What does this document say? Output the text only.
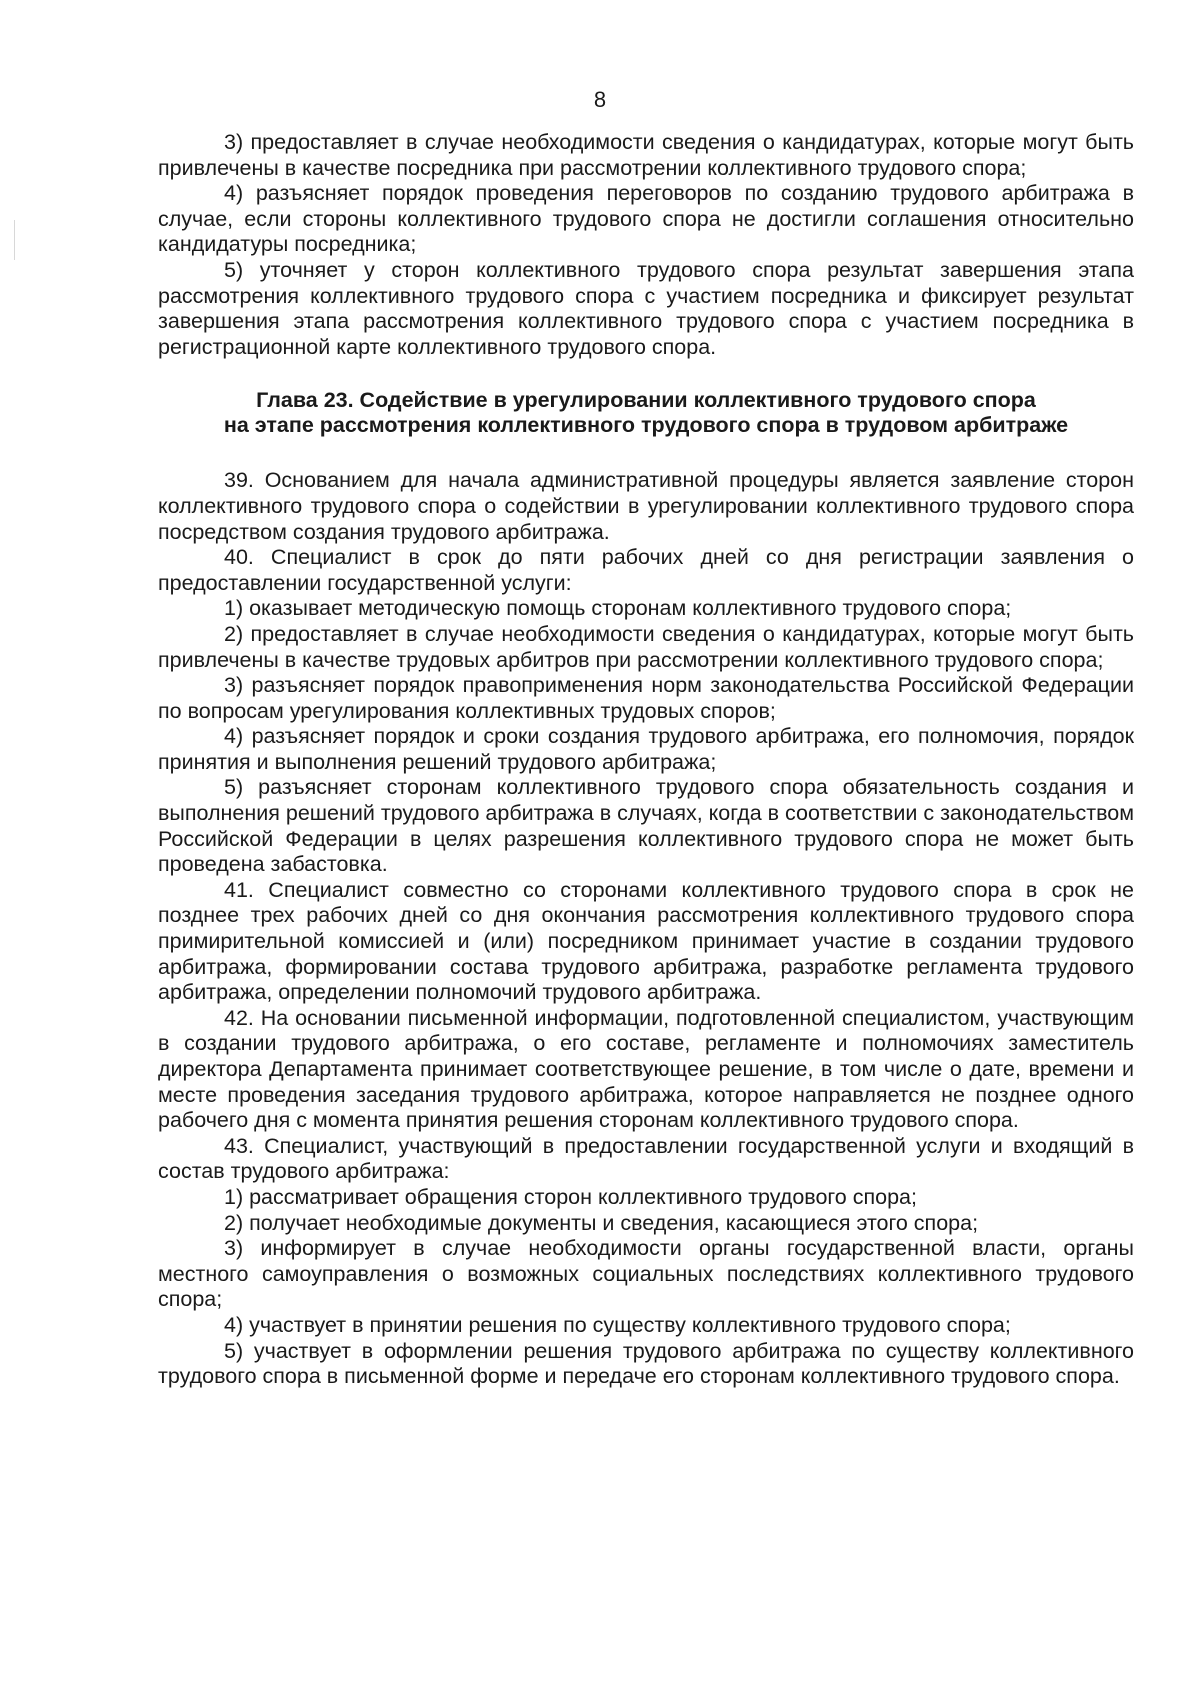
8

3) предоставляет в случае необходимости сведения о кандидатурах, которые могут быть привлечены в качестве посредника при рассмотрении коллективного трудового спора;

4) разъясняет порядок проведения переговоров по созданию трудового арбитража в случае, если стороны коллективного трудового спора не достигли соглашения относительно кандидатуры посредника;

5) уточняет у сторон коллективного трудового спора результат завершения этапа рассмотрения коллективного трудового спора с участием посредника и фиксирует результат завершения этапа рассмотрения коллективного трудового спора с участием посредника в регистрационной карте коллективного трудового спора.

Глава 23. Содействие в урегулировании коллективного трудового спора
на этапе рассмотрения коллективного трудового спора в трудовом арбитраже

39. Основанием для начала административной процедуры является заявление сторон коллективного трудового спора о содействии в урегулировании коллективного трудового спора посредством создания трудового арбитража.

40. Специалист в срок до пяти рабочих дней со дня регистрации заявления о предоставлении государственной услуги:

1) оказывает методическую помощь сторонам коллективного трудового спора;

2) предоставляет в случае необходимости сведения о кандидатурах, которые могут быть привлечены в качестве трудовых арбитров при рассмотрении коллективного трудового спора;

3) разъясняет порядок правоприменения норм законодательства Российской Федерации по вопросам урегулирования коллективных трудовых споров;

4) разъясняет порядок и сроки создания трудового арбитража, его полномочия, порядок принятия и выполнения решений трудового арбитража;

5) разъясняет сторонам коллективного трудового спора обязательность создания и выполнения решений трудового арбитража в случаях, когда в соответствии с законодательством Российской Федерации в целях разрешения коллективного трудового спора не может быть проведена забастовка.

41. Специалист совместно со сторонами коллективного трудового спора в срок не позднее трех рабочих дней со дня окончания рассмотрения коллективного трудового спора примирительной комиссией и (или) посредником принимает участие в создании трудового арбитража, формировании состава трудового арбитража, разработке регламента трудового арбитража, определении полномочий трудового арбитража.

42. На основании письменной информации, подготовленной специалистом, участвующим в создании трудового арбитража, о его составе, регламенте и полномочиях заместитель директора Департамента принимает соответствующее решение, в том числе о дате, времени и месте проведения заседания трудового арбитража, которое направляется не позднее одного рабочего дня с момента принятия решения сторонам коллективного трудового спора.

43. Специалист, участвующий в предоставлении государственной услуги и входящий в состав трудового арбитража:

1) рассматривает обращения сторон коллективного трудового спора;

2) получает необходимые документы и сведения, касающиеся этого спора;

3) информирует в случае необходимости органы государственной власти, органы местного самоуправления о возможных социальных последствиях коллективного трудового спора;

4) участвует в принятии решения по существу коллективного трудового спора;

5) участвует в оформлении решения трудового арбитража по существу коллективного трудового спора в письменной форме и передаче его сторонам коллективного трудового спора.
